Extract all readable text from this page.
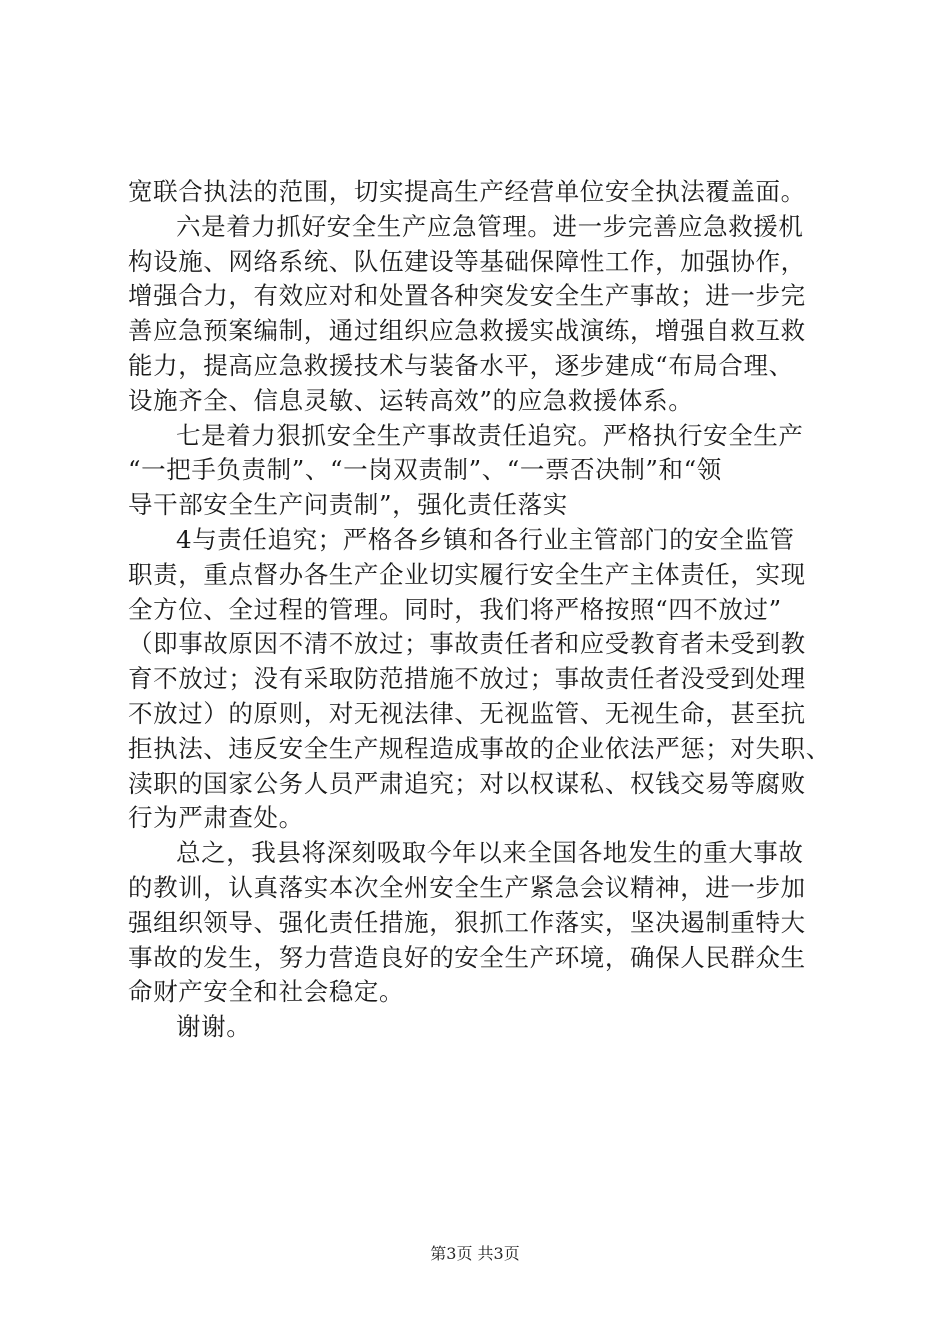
宽联合执法的范围，切实提高生产经营单位安全执法覆盖面。
六是着力抓好安全生产应急管理。进一步完善应急救援机
构设施、网络系统、队伍建设等基础保障性工作，加强协作，
增强合力，有效应对和处置各种突发安全生产事故；进一步完
善应急预案编制，通过组织应急救援实战演练，增强自救互救
能力，提高应急救援技术与装备水平，逐步建成“布局合理、
设施齐全、信息灵敏、运转高效”的应急救援体系。
七是着力狠抓安全生产事故责任追究。严格执行安全生产
“一把手负责制”、“一岗双责制”、“一票否决制”和“领
导干部安全生产问责制”，强化责任落实
4与责任追究；严格各乡镇和各行业主管部门的安全监管
职责，重点督办各生产企业切实履行安全生产主体责任，实现
全方位、全过程的管理。同时，我们将严格按照“四不放过”
（即事故原因不清不放过；事故责任者和应受教育者未受到教
育不放过；没有采取防范措施不放过；事故责任者没受到处理
不放过）的原则，对无视法律、无视监管、无视生命，甚至抗
拒执法、违反安全生产规程造成事故的企业依法严惩；对失职、
渎职的国家公务人员严肃追究；对以权谋私、权钱交易等腐败
行为严肃查处。
总之，我县将深刻吸取今年以来全国各地发生的重大事故
的教训，认真落实本次全州安全生产紧急会议精神，进一步加
强组织领导、强化责任措施，狠抓工作落实，坚决遏制重特大
事故的发生，努力营造良好的安全生产环境，确保人民群众生
命财产安全和社会稳定。
谢谢。
第3页 共3页
